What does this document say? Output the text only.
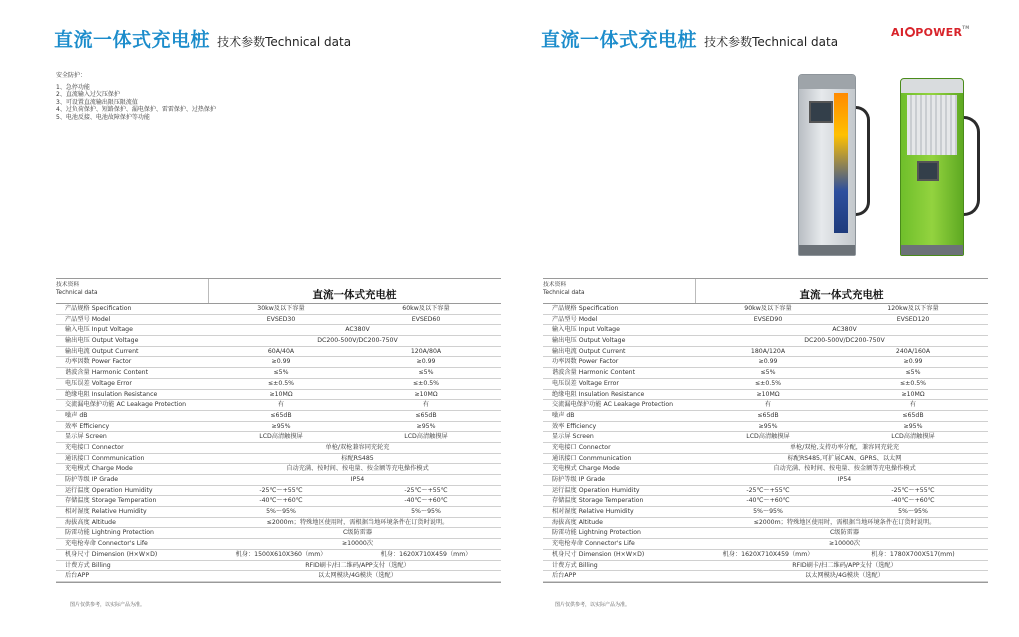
直流一体式充电桩 技术参数Technical data
安全防护：
1、急停功能
2、直流输入过欠压保护
3、可设置直流输出限压限流值
4、过负荷保护、短路保护、漏电保护、雷雷保护、过热保护
5、电池反接、电池故障保护等功能
技术资料
Technical data	直流一体式充电桩
产品规格 Specification	30kw及以下容量	60kw及以下容量
产品型号 Model	EVSED30	EVSED60
输入电压 Input Voltage	AC380V
输出电压 Output Voltage	DC200-500V/DC200-750V
输出电流 Output Current	60A/40A	120A/80A
功率因数 Power Factor	≥0.99	≥0.99
谐波含量 Harmonic Content	≤5%	≤5%
电压误差 Voltage Error	≤±0.5%	≤±0.5%
绝缘电阻 Insulation Resistance	≥10MΩ	≥10MΩ
交流漏电保护功能 AC Leakage Protection	有	有
噪声 dB	≤65dB	≤65dB
效率 Efficiency	≥95%	≥95%
显示屏 Screen	LCD高清触摸屏	LCD高清触摸屏
充电接口 Connector	单枪/双枪兼容同充轮充
通讯接口 Conmmunication	标配RS485
充电模式 Charge Mode	自动充满、按时间、按电量、按金额等充电操作模式
防护等级 IP Grade	IP54
运行温度 Operation Humidity	-25℃～+55℃	-25℃～+55℃
存储温度 Storage Temperation	-40℃～+60℃	-40℃～+60℃
相对湿度 Relative Humidity	5%～95%	5%～95%
海拔高度 Altitude	≤2000m；特殊地区使用时，需根据当地环境条件在订货时说明。
防雷功能 Lightning Protection	C级防雷器
充电枪寿命 Connector's Life	≥10000次
机身尺寸 Dimension (H×W×D)	机身：1500X610X360（mm）	机身：1620X710X459（mm）
计费方式 Billing	RFID刷卡/扫二维码/APP支付（选配）
后台APP	以太网模块/4G模块（选配）
图片仅供参考，以实际产品为准。
直流一体式充电桩 技术参数Technical data
AI POWER™
技术资料
Technical data	直流一体式充电桩
产品规格 Specification	90kw及以下容量	120kw及以下容量
产品型号 Model	EVSED90	EVSED120
输入电压 Input Voltage	AC380V
输出电压 Output Voltage	DC200-500V/DC200-750V
输出电流 Output Current	180A/120A	240A/160A
功率因数 Power Factor	≥0.99	≥0.99
谐波含量 Harmonic Content	≤5%	≤5%
电压误差 Voltage Error	≤±0.5%	≤±0.5%
绝缘电阻 Insulation Resistance	≥10MΩ	≥10MΩ
交流漏电保护功能 AC Leakage Protection	有	有
噪声 dB	≤65dB	≤65dB
效率 Efficiency	≥95%	≥95%
显示屏 Screen	LCD高清触摸屏	LCD高清触摸屏
充电接口 Connector	单枪/双枪,支持功率分配，兼容同充轮充
通讯接口 Conmmunication	标配RS485,可扩展CAN、GPRS、以太网
充电模式 Charge Mode	自动充满、按时间、按电量、按金额等充电操作模式
防护等级 IP Grade	IP54
运行温度 Operation Humidity	-25℃～+55℃	-25℃～+55℃
存储温度 Storage Temperation	-40℃～+60℃	-40℃～+60℃
相对湿度 Relative Humidity	5%～95%	5%～95%
海拔高度 Altitude	≤2000m；特殊地区使用时，需根据当地环境条件在订货时说明。
防雷功能 Lightning Protection	C级防雷器
充电枪寿命 Connector's Life	≥10000次
机身尺寸 Dimension (H×W×D)	机身：1620X710X459（mm）	机身：1780X700X517(mm)
计费方式 Billing	RFID刷卡/扫二维码/APP支付（选配）
后台APP	以太网模块/4G模块（选配）
图片仅供参考，以实际产品为准。
